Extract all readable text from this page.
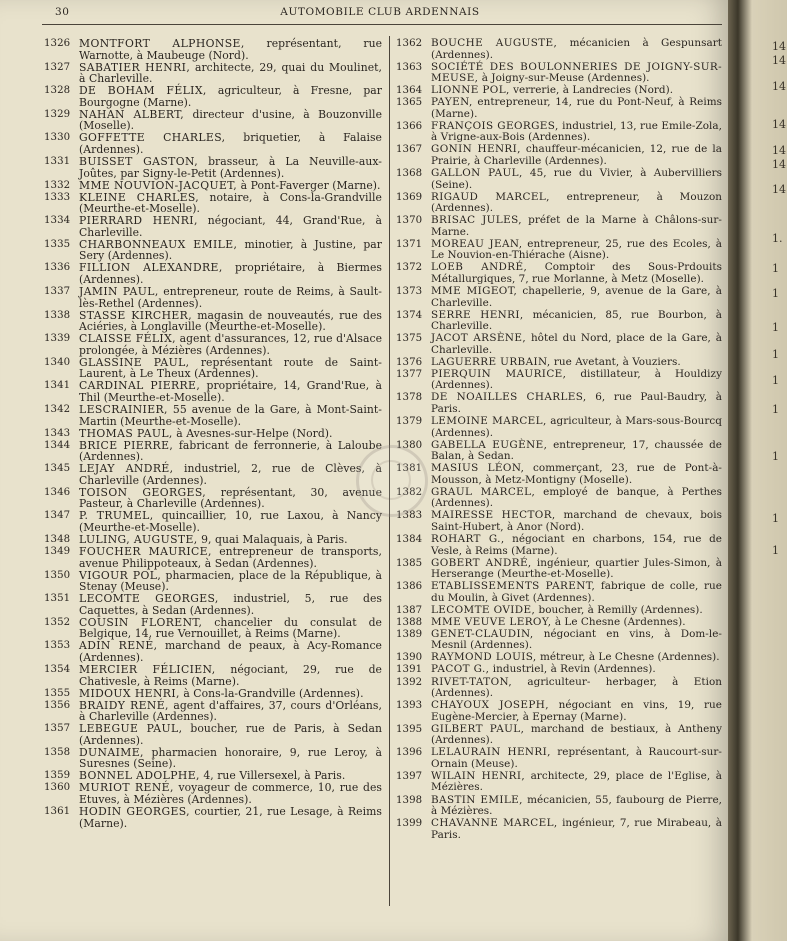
30	AUTOMOBILE CLUB ARDENNAIS
1326 MONTFORT ALPHONSE, représentant, rue Warnotte, à Maubeuge (Nord).
1327 SABATIER HENRI, architecte, 29, quai du Moulinet, à Charleville.
1328 DE BOHAM FÉLIX, agriculteur, à Fresne, par Bourgogne (Marne).
1329 NAHAN ALBERT, directeur d'usine, à Bouzonville (Moselle).
1330 GOFFETTE CHARLES, briquetier, à Falaise (Ardennes).
1331 BUISSET GASTON, brasseur, à La Neuville-aux-Joûtes, par Signy-le-Petit (Ardennes).
1332 MME NOUVION-JACQUET, à Pont-Faverger (Marne).
1333 KLEINE CHARLES, notaire, à Cons-la-Grandville (Meurthe-et-Moselle).
1334 PIERRARD HENRI, négociant, 44, Grand'Rue, à Charleville.
1335 CHARBONNEAUX EMILE, minotier, à Justine, par Sery (Ardennes).
1336 FILLION ALEXANDRE, propriétaire, à Biermes (Ardennes).
1337 JAMIN PAUL, entrepreneur, route de Reims, à Sault-lès-Rethel (Ardennes).
1338 STASSE KIRCHER, magasin de nouveautés, rue des Aciéries, à Longlaville (Meurthe-et-Moselle).
1339 CLAISSE FÉLIX, agent d'assurances, 12, rue d'Alsace prolongée, à Mézières (Ardennes).
1340 GLASSINE PAUL, représentant route de Saint-Laurent, à Le Theux (Ardennes).
1341 CARDINAL PIERRE, propriétaire, 14, Grand'Rue, à Thil (Meurthe-et-Moselle).
1342 LESCRAINIER, 55 avenue de la Gare, à Mont-Saint-Martin (Meurthe-et-Moselle).
1343 THOMAS PAUL, à Avesnes-sur-Helpe (Nord).
1344 BRICE PIERRE, fabricant de ferronnerie, à Laloube (Ardennes).
1345 LEJAY ANDRÉ, industriel, 2, rue de Clèves, à Charleville (Ardennes).
1346 TOISON GEORGES, représentant, 30, avenue Pasteur, à Charleville (Ardennes).
1347 P. TRUMEL, quincaillier, 10, rue Laxou, à Nancy (Meurthe-et-Moselle).
1348 LULING, AUGUSTE, 9, quai Malaquais, à Paris.
1349 FOUCHER MAURICE, entrepreneur de transports, avenue Philippoteaux, à Sedan (Ardennes).
1350 VIGOUR POL, pharmacien, place de la République, à Stenay (Meuse).
1351 LECOMTE GEORGES, industriel, 5, rue des Caquettes, à Sedan (Ardennes).
1352 COUSIN FLORENT, chancelier du consulat de Belgique, 14, rue Vernouillet, à Reims (Marne).
1353 ADIN RENÉ, marchand de peaux, à Acy-Romance (Ardennes).
1354 MERCIER FÉLICIEN, négociant, 29, rue de Chativesle, à Reims (Marne).
1355 MIDOUX HENRI, à Cons-la-Grandville (Ardennes).
1356 BRAIDY RENÉ, agent d'affaires, 37, cours d'Orléans, à Charleville (Ardennes).
1357 LEBEGUE PAUL, boucher, rue de Paris, à Sedan (Ardennes).
1358 DUNAIME, pharmacien honoraire, 9, rue Leroy, à Suresnes (Seine).
1359 BONNEL ADOLPHE, 4, rue Villersexel, à Paris.
1360 MURIOT RENÉ, voyageur de commerce, 10, rue des Etuves, à Mézières (Ardennes).
1361 HODIN GEORGES, courtier, 21, rue Lesage, à Reims (Marne).
1362 BOUCHE AUGUSTE, mécanicien à Gespunsart (Ardennes).
1363 SOCIÉTÉ DES BOULONNERIES DE JOIGNY-SUR-MEUSE, à Joigny-sur-Meuse (Ardennes).
1364 LIONNE POL, verrerie, à Landrecies (Nord).
1365 PAYEN, entrepreneur, 14, rue du Pont-Neuf, à Reims (Marne).
1366 FRANÇOIS GEORGES, industriel, 13, rue Emile-Zola, à Vrigne-aux-Bois (Ardennes).
1367 GONIN HENRI, chauffeur-mécanicien, 12, rue de la Prairie, à Charleville (Ardennes).
1368 GALLON PAUL, 45, rue du Vivier, à Aubervilliers (Seine).
1369 RIGAUD MARCEL, entrepreneur, à Mouzon (Ardennes).
1370 BRISAC JULES, préfet de la Marne à Châlons-sur-Marne.
1371 MOREAU JEAN, entrepreneur, 25, rue des Ecoles, à Le Nouvion-en-Thiérache (Aisne).
1372 LOEB ANDRÉ, Comptoir des Sous-Prdouits Métallurgiques, 7, rue Morlanne, à Metz (Moselle).
1373 MME MIGEOT, chapellerie, 9, avenue de la Gare, à Charleville.
1374 SERRE HENRI, mécanicien, 85, rue Bourbon, à Charleville.
1375 JACOT ARSÈNE, hôtel du Nord, place de la Gare, à Charleville.
1376 LAGUERRE URBAIN, rue Avetant, à Vouziers.
1377 PIERQUIN MAURICE, distillateur, à Houldizy (Ardennes).
1378 DE NOAILLES CHARLES, 6, rue Paul-Baudry, à Paris.
1379 LEMOINE MARCEL, agriculteur, à Mars-sous-Bourcq (Ardennes).
1380 GABELLA EUGÈNE, entrepreneur, 17, chaussée de Balan, à Sedan.
1381 MASIUS LÉON, commerçant, 23, rue de Pont-à-Mousson, à Metz-Montigny (Moselle).
1382 GRAUL MARCEL, employé de banque, à Perthes (Ardennes).
1383 MAIRESSE HECTOR, marchand de chevaux, bois Saint-Hubert, à Anor (Nord).
1384 ROHART G., négociant en charbons, 154, rue de Vesle, à Reims (Marne).
1385 GOBERT ANDRÉ, ingénieur, quartier Jules-Simon, à Herserange (Meurthe-et-Moselle).
1386 ETABLISSEMENTS PARENT, fabrique de colle, rue du Moulin, à Givet (Ardennes).
1387 LECOMTE OVIDE, boucher, à Remilly (Ardennes).
1388 MME VEUVE LEROY, à Le Chesne (Ardennes).
1389 GENET-CLAUDIN, négociant en vins, à Dom-le-Mesnil (Ardennes).
1390 RAYMOND LOUIS, métreur, à Le Chesne (Ardennes).
1391 PACOT G., industriel, à Revin (Ardennes).
1392 RIVET-TATON, agriculteur- herbager, à Etion (Ardennes).
1393 CHAYOUX JOSEPH, négociant en vins, 19, rue Eugène-Mercier, à Epernay (Marne).
1395 GILBERT PAUL, marchand de bestiaux, à Antheny (Ardennes).
1396 LELAURAIN HENRI, représentant, à Raucourt-sur-Ornain (Meuse).
1397 WILAIN HENRI, architecte, 29, place de l'Eglise, à Mézières.
1398 BASTIN EMILE, mécanicien, 55, faubourg de Pierre, à Mézières.
1399 CHAVANNE MARCEL, ingénieur, 7, rue Mirabeau, à Paris.
14
14
14
14
14
14
14
1.
1
1
1
1
1
1
1
1
1
